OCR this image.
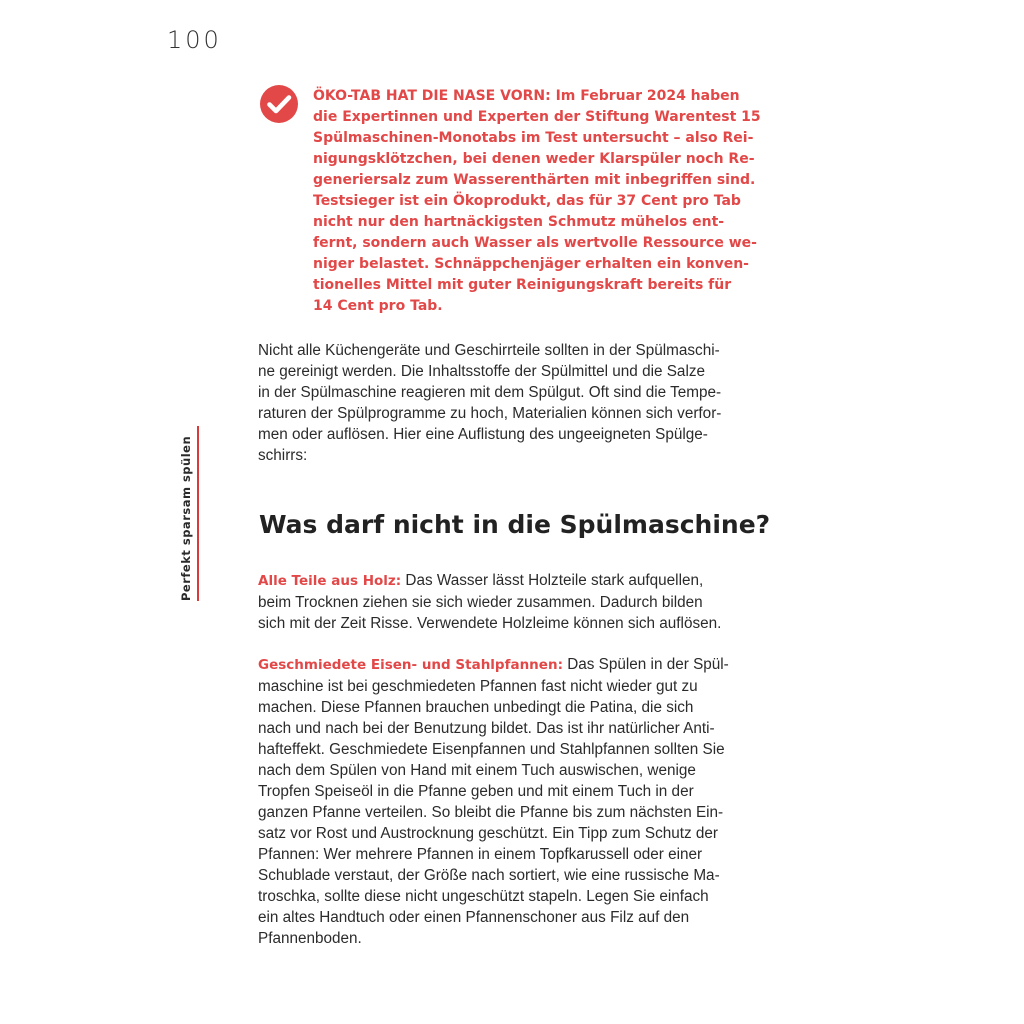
100
Perfekt sparsam spülen
ÖKO-TAB HAT DIE NASE VORN: Im Februar 2024 haben
die Expertinnen und Experten der Stiftung Warentest 15
Spülmaschinen-Monotabs im Test untersucht – also Rei-
nigungsklötzchen, bei denen weder Klarspüler noch Re-
generiersalz zum Wasserenthärten mit inbegriffen sind.
Testsieger ist ein Ökoprodukt, das für 37 Cent pro Tab
nicht nur den hartnäckigsten Schmutz mühelos ent-
fernt, sondern auch Wasser als wertvolle Ressource we-
niger belastet. Schnäppchenjäger erhalten ein konven-
tionelles Mittel mit guter Reinigungskraft bereits für
14 Cent pro Tab.
Nicht alle Küchengeräte und Geschirrteile sollten in der Spülmaschi-
ne gereinigt werden. Die Inhaltsstoffe der Spülmittel und die Salze
in der Spülmaschine reagieren mit dem Spülgut. Oft sind die Tempe-
raturen der Spülprogramme zu hoch, Materialien können sich verfor-
men oder auflösen. Hier eine Auflistung des ungeeigneten Spülge-
schirrs:
Was darf nicht in die Spülmaschine?
Alle Teile aus Holz: Das Wasser lässt Holzteile stark aufquellen,
beim Trocknen ziehen sie sich wieder zusammen. Dadurch bilden
sich mit der Zeit Risse. Verwendete Holzleime können sich auflösen.
Geschmiedete Eisen- und Stahlpfannen: Das Spülen in der Spül-
maschine ist bei geschmiedeten Pfannen fast nicht wieder gut zu
machen. Diese Pfannen brauchen unbedingt die Patina, die sich
nach und nach bei der Benutzung bildet. Das ist ihr natürlicher Anti-
hafteffekt. Geschmiedete Eisenpfannen und Stahlpfannen sollten Sie
nach dem Spülen von Hand mit einem Tuch auswischen, wenige
Tropfen Speiseöl in die Pfanne geben und mit einem Tuch in der
ganzen Pfanne verteilen. So bleibt die Pfanne bis zum nächsten Ein-
satz vor Rost und Austrocknung geschützt. Ein Tipp zum Schutz der
Pfannen: Wer mehrere Pfannen in einem Topfkarussell oder einer
Schublade verstaut, der Größe nach sortiert, wie eine russische Ma-
troschka, sollte diese nicht ungeschützt stapeln. Legen Sie einfach
ein altes Handtuch oder einen Pfannenschoner aus Filz auf den
Pfannenboden.
